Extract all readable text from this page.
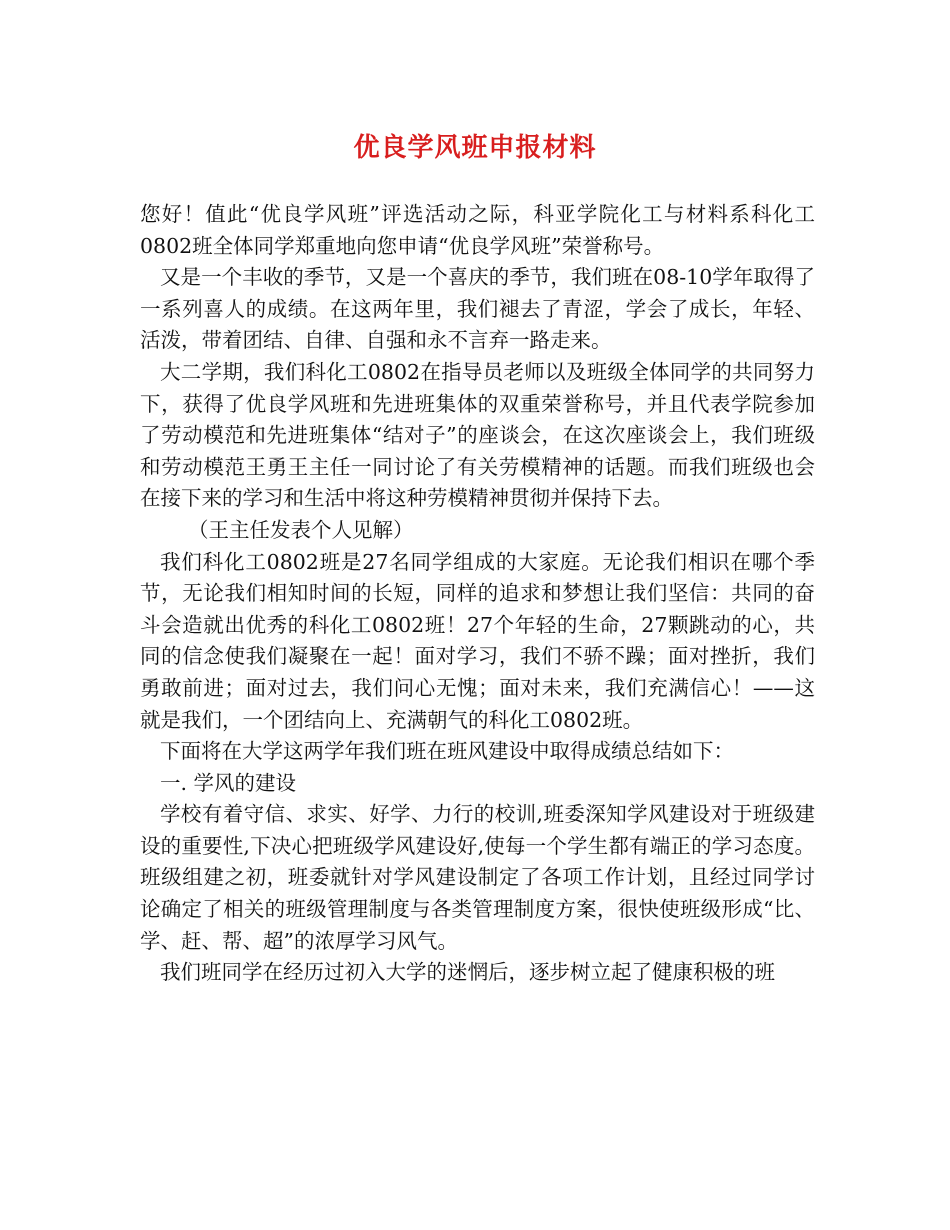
优良学风班申报材料

您好！值此“优良学风班”评选活动之际，科亚学院化工与材料系科化工0802班全体同学郑重地向您申请“优良学风班”荣誉称号。

又是一个丰收的季节，又是一个喜庆的季节，我们班在08-10学年取得了一系列喜人的成绩。在这两年里，我们褪去了青涩，学会了成长，年轻、活泼，带着团结、自律、自强和永不言弃一路走来。

大二学期，我们科化工0802在指导员老师以及班级全体同学的共同努力下，获得了优良学风班和先进班集体的双重荣誉称号，并且代表学院参加了劳动模范和先进班集体“结对子”的座谈会，在这次座谈会上，我们班级和劳动模范王勇王主任一同讨论了有关劳模精神的话题。而我们班级也会在接下来的学习和生活中将这种劳模精神贯彻并保持下去。

（王主任发表个人见解）

我们科化工0802班是27名同学组成的大家庭。无论我们相识在哪个季节，无论我们相知时间的长短，同样的追求和梦想让我们坚信：共同的奋斗会造就出优秀的科化工0802班！27个年轻的生命，27颗跳动的心，共同的信念使我们凝聚在一起！面对学习，我们不骄不躁；面对挫折，我们勇敢前进；面对过去，我们问心无愧；面对未来，我们充满信心！——这就是我们，一个团结向上、充满朝气的科化工0802班。

下面将在大学这两学年我们班在班风建设中取得成绩总结如下：

一. 学风的建设

学校有着守信、求实、好学、力行的校训,班委深知学风建设对于班级建设的重要性,下决心把班级学风建设好,使每一个学生都有端正的学习态度。班级组建之初，班委就针对学风建设制定了各项工作计划，且经过同学讨论确定了相关的班级管理制度与各类管理制度方案，很快使班级形成“比、学、赶、帮、超”的浓厚学习风气。

我们班同学在经历过初入大学的迷惘后，逐步树立起了健康积极的班
